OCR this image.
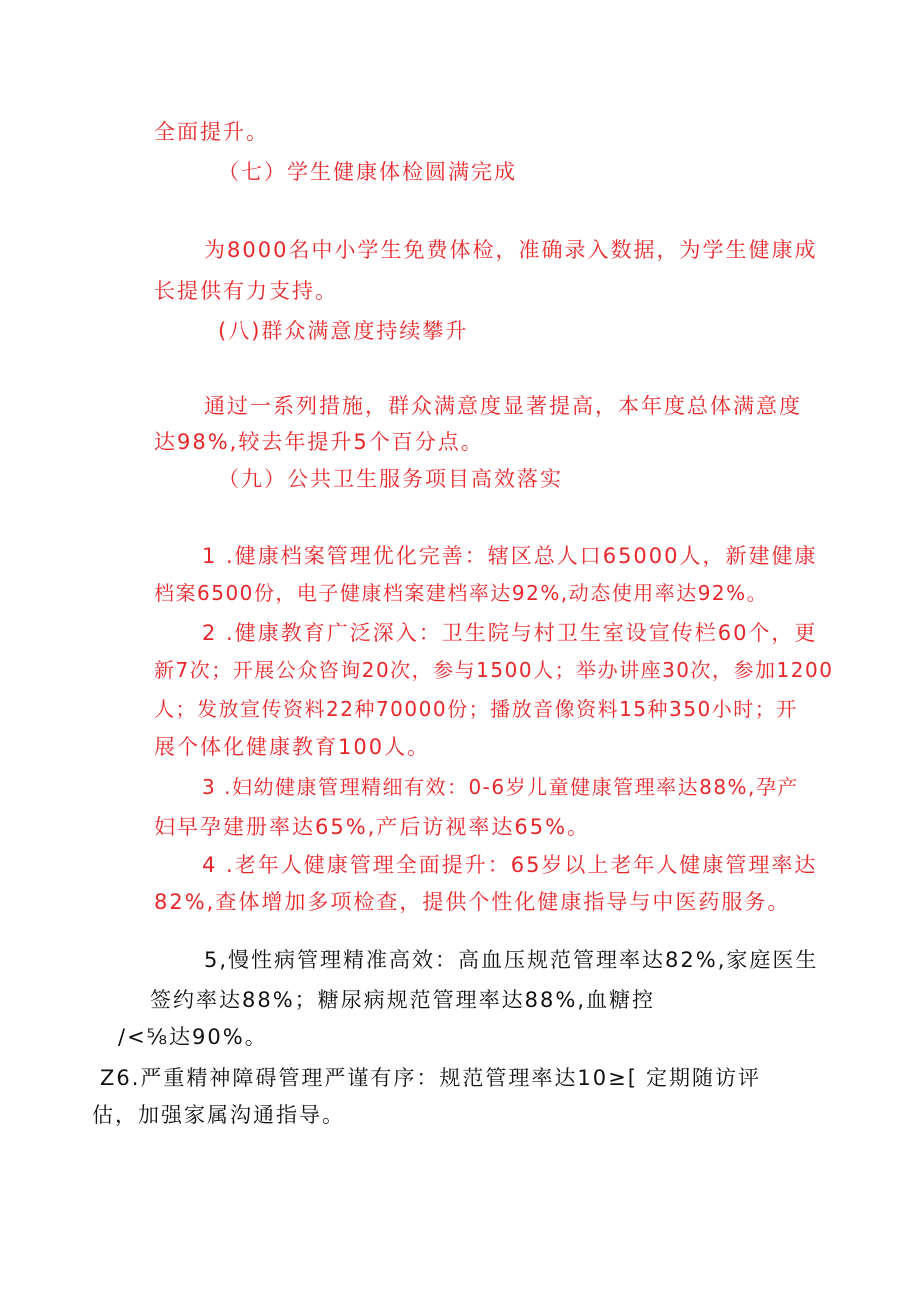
全面提升。
（七）学生健康体检圆满完成
为8000名中小学生免费体检，准确录入数据，为学生健康成
长提供有力支持。
(八)群众满意度持续攀升
通过一系列措施，群众满意度显著提高，本年度总体满意度
达98%,较去年提升5个百分点。
（九）公共卫生服务项目高效落实
1 .健康档案管理优化完善：辖区总人口65000人，新建健康
档案6500份，电子健康档案建档率达92%,动态使用率达92%。
2 .健康教育广泛深入：卫生院与村卫生室设宣传栏60个，更
新7次；开展公众咨询20次，参与1500人；举办讲座30次，参加1200
人；发放宣传资料22种70000份；播放音像资料15种350小时；开
展个体化健康教育100人。
3 .妇幼健康管理精细有效：0-6岁儿童健康管理率达88%,孕产
妇早孕建册率达65%,产后访视率达65%。
4 .老年人健康管理全面提升：65岁以上老年人健康管理率达
82%,查体增加多项检查，提供个性化健康指导与中医药服务。
5,慢性病管理精准高效：高血压规范管理率达82%,家庭医生
签约率达88%；糖尿病规范管理率达88%,血糖控
/<⅝达90%。
Z6.严重精神障碍管理严谨有序：规范管理率达10≥[ 定期随访评
估，加强家属沟通指导。
